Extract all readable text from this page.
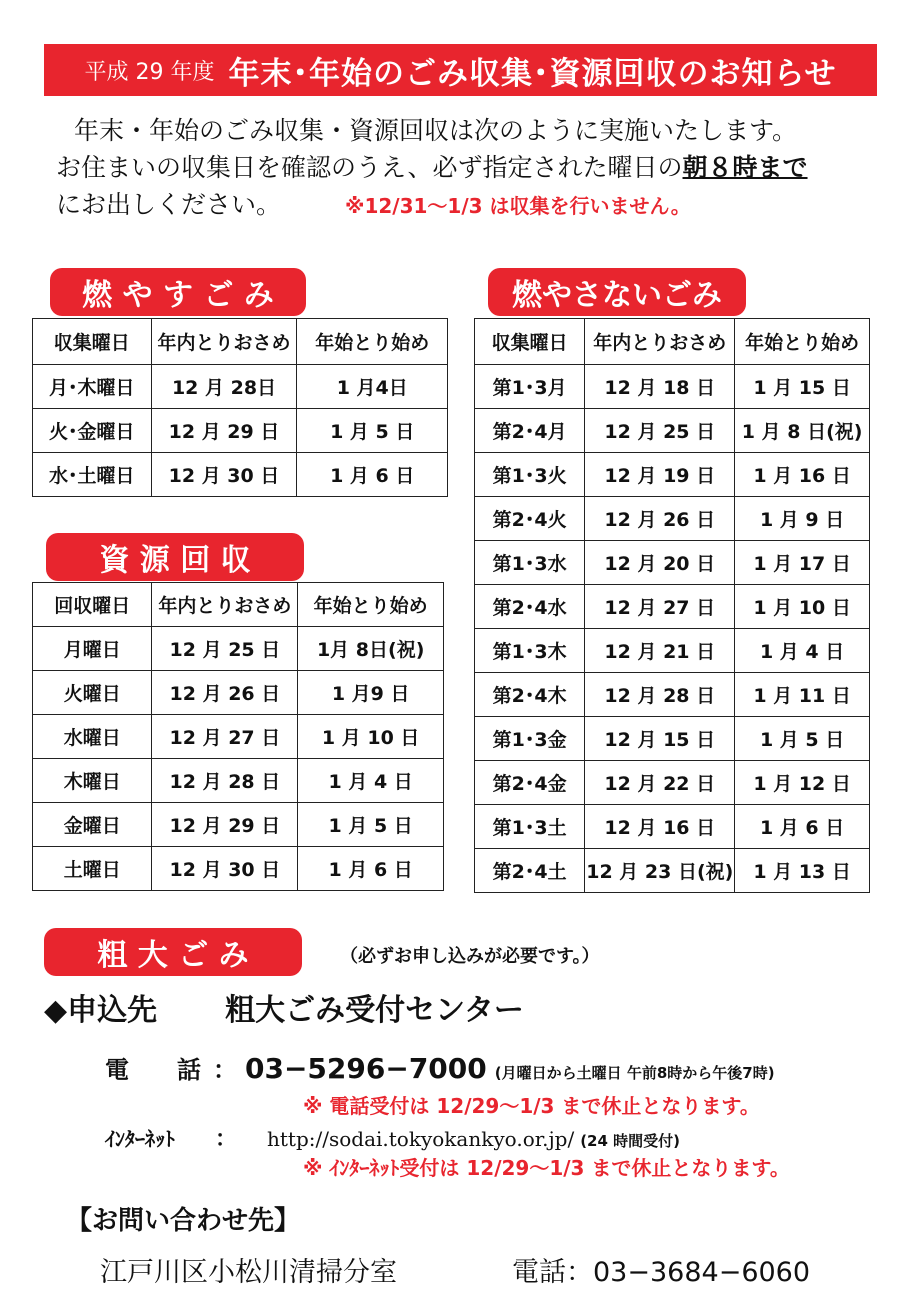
平成 29 年度 年末･年始のごみ収集･資源回収のお知らせ

年末・年始のごみ収集・資源回収は次のように実施いたします。

お住まいの収集日を確認のうえ、必ず指定された曜日の朝８時まで

にお出しください。	※12/31～1/3 は収集を行いません。

燃 や す ご み
収集曜日	年内とりおさめ	年始とり始め
月･木曜日	12 月 28日	1 月4日
火･金曜日	12 月 29 日	1 月 5 日
水･土曜日	12 月 30 日	1 月 6 日
資 源 回 収
回収曜日	年内とりおさめ	年始とり始め
月曜日	12 月 25 日	1月 8日(祝)
火曜日	12 月 26 日	1 月9 日
水曜日	12 月 27 日	1 月 10 日
木曜日	12 月 28 日	1 月 4 日
金曜日	12 月 29 日	1 月 5 日
土曜日	12 月 30 日	1 月 6 日
燃やさないごみ
収集曜日	年内とりおさめ	年始とり始め
第1･3月	12 月 18 日	1 月 15 日
第2･4月	12 月 25 日	1 月 8 日(祝)
第1･3火	12 月 19 日	1 月 16 日
第2･4火	12 月 26 日	1 月 9 日
第1･3水	12 月 20 日	1 月 17 日
第2･4水	12 月 27 日	1 月 10 日
第1･3木	12 月 21 日	1 月 4 日
第2･4木	12 月 28 日	1 月 11 日
第1･3金	12 月 15 日	1 月 5 日
第2･4金	12 月 22 日	1 月 12 日
第1･3土	12 月 16 日	1 月 6 日
第2･4土	12 月 23 日(祝)	1 月 13 日
粗 大 ご み	（必ずお申し込みが必要です。）
◆申込先 粗大ごみ受付センター
電　　話 ： 03−5296−7000 (月曜日から土曜日 午前8時から午後7時)
※ 電話受付は 12/29～1/3 まで休止となります。
ｲﾝﾀｰﾈｯﾄ ： http://sodai.tokyokankyo.or.jp/ (24 時間受付)
※ ｲﾝﾀｰﾈｯﾄ受付は 12/29～1/3 まで休止となります。
【お問い合わせ先】
江戸川区小松川清掃分室	電話：03−3684−6060
